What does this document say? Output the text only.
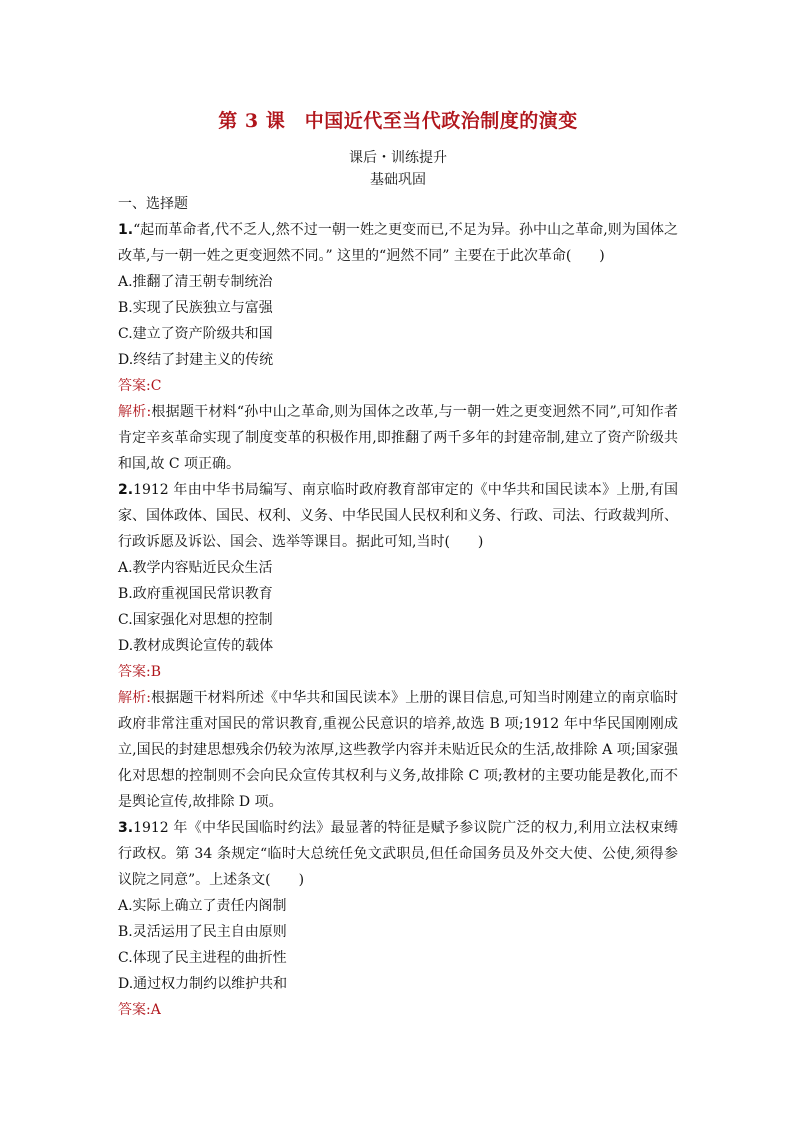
第 3 课　中国近代至当代政治制度的演变
课后・训练提升
基础巩固
一、选择题

1.“起而革命者,代不乏人,然不过一朝一姓之更变而已,不足为异。孙中山之革命,则为国体之改革,与一朝一姓之更变迥然不同。” 这里的“迥然不同” 主要在于此次革命(　　)

A.推翻了清王朝专制统治
B.实现了民族独立与富强
C.建立了资产阶级共和国
D.终结了封建主义的传统

答案:C

解析:根据题干材料“孙中山之革命,则为国体之改革,与一朝一姓之更变迥然不同”,可知作者肯定辛亥革命实现了制度变革的积极作用,即推翻了两千多年的封建帝制,建立了资产阶级共和国,故 C 项正确。

2.1912 年由中华书局编写、南京临时政府教育部审定的《中华共和国民读本》上册,有国家、国体政体、国民、权利、义务、中华民国人民权利和义务、行政、司法、行政裁判所、行政诉愿及诉讼、国会、选举等课目。据此可知,当时(　　)

A.教学内容贴近民众生活
B.政府重视国民常识教育
C.国家强化对思想的控制
D.教材成舆论宣传的载体

答案:B

解析:根据题干材料所述《中华共和国民读本》上册的课目信息,可知当时刚建立的南京临时政府非常注重对国民的常识教育,重视公民意识的培养,故选 B 项;1912 年中华民国刚刚成立,国民的封建思想残余仍较为浓厚,这些教学内容并未贴近民众的生活,故排除 A 项;国家强化对思想的控制则不会向民众宣传其权利与义务,故排除 C 项;教材的主要功能是教化,而不是舆论宣传,故排除 D 项。

3.1912 年《中华民国临时约法》最显著的特征是赋予参议院广泛的权力,利用立法权束缚行政权。第 34 条规定“临时大总统任免文武职员,但任命国务员及外交大使、公使,须得参议院之同意”。上述条文(　　)

A.实际上确立了责任内阁制
B.灵活运用了民主自由原则
C.体现了民主进程的曲折性
D.通过权力制约以维护共和

答案:A
